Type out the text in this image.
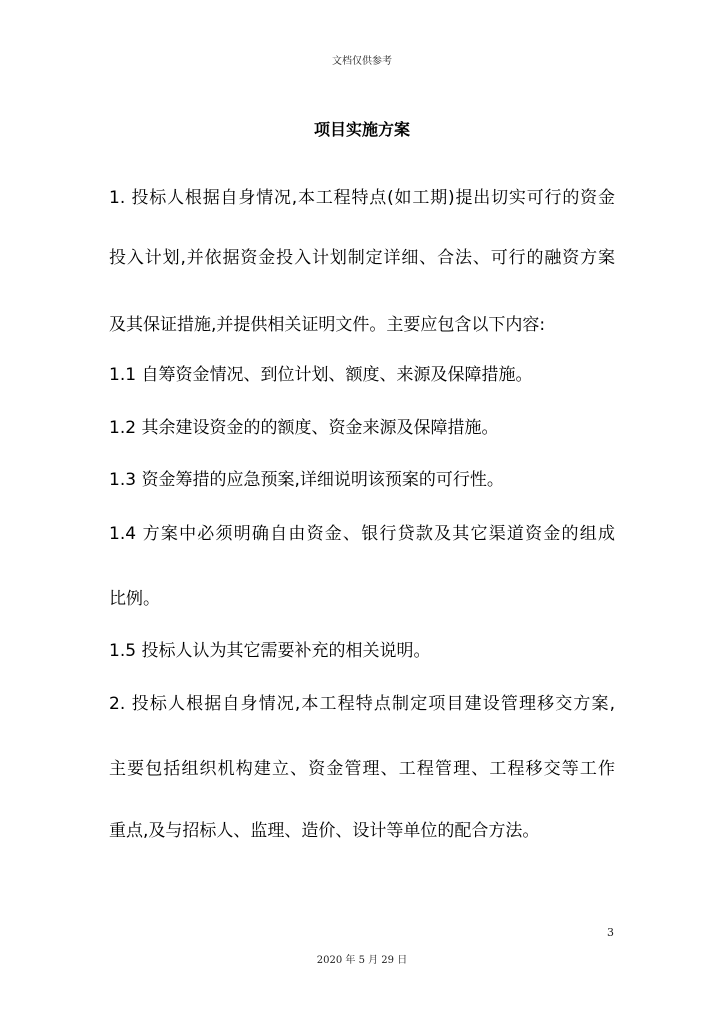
文档仅供参考
项目实施方案

1. 投标人根据自身情况,本工程特点(如工期)提出切实可行的资金

投入计划,并依据资金投入计划制定详细、合法、可行的融资方案

及其保证措施,并提供相关证明文件。主要应包含以下内容:

1.1 自筹资金情况、到位计划、额度、来源及保障措施。

1.2 其余建设资金的的额度、资金来源及保障措施。

1.3 资金筹措的应急预案,详细说明该预案的可行性。

1.4 方案中必须明确自由资金、银行贷款及其它渠道资金的组成

比例。

1.5 投标人认为其它需要补充的相关说明。

2. 投标人根据自身情况,本工程特点制定项目建设管理移交方案,

主要包括组织机构建立、资金管理、工程管理、工程移交等工作

重点,及与招标人、监理、造价、设计等单位的配合方法。

3
2020 年 5 月 29 日
